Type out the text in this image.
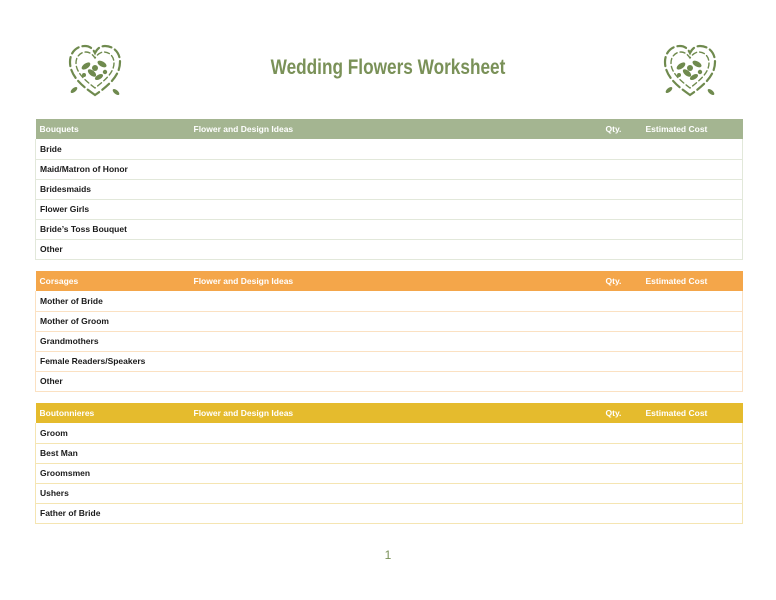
Wedding Flowers Worksheet
Bouquets	Flower and Design Ideas	Qty.	Estimated Cost
Bride			
Maid/Matron of Honor			
Bridesmaids			
Flower Girls			
Bride’s Toss Bouquet			
Other			
Corsages	Flower and Design Ideas	Qty.	Estimated Cost
Mother of Bride			
Mother of Groom			
Grandmothers			
Female Readers/Speakers			
Other			
Boutonnieres	Flower and Design Ideas	Qty.	Estimated Cost
Groom			
Best Man			
Groomsmen			
Ushers			
Father of Bride			
1
